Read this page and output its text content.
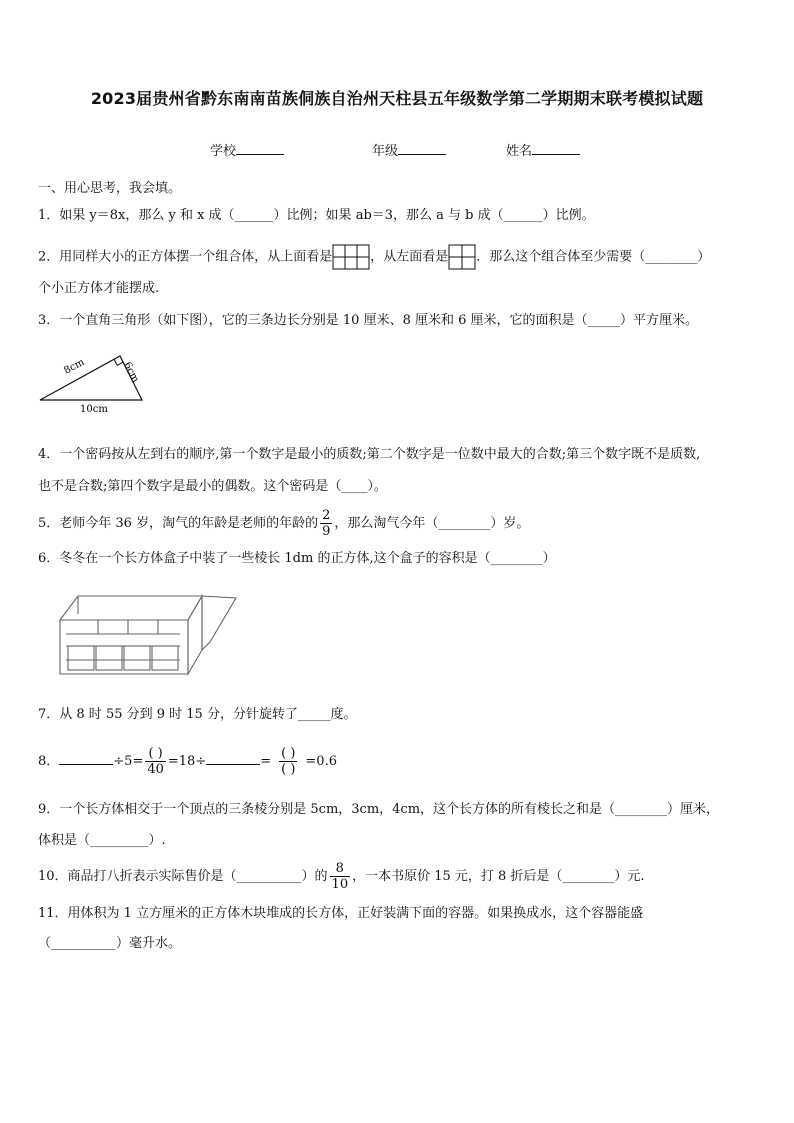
2023届贵州省黔东南南苗族侗族自治州天柱县五年级数学第二学期期末联考模拟试题
学校	年级	姓名
一、用心思考，我会填。
1．如果 y＝8x，那么 y 和 x 成（______）比例；如果 ab＝3，那么 a 与 b 成（______）比例。
2．用同样大小的正方体摆一个组合体，从上面看是	，从左面看是 ．那么这个组合体至少需要（________）
个小正方体才能摆成.
3．一个直角三角形（如下图），它的三条边长分别是 10 厘米、8 厘米和 6 厘米，它的面积是（_____）平方厘米。
8cm	6cm
10cm
4．一个密码按从左到右的顺序,第一个数字是最小的质数;第二个数字是一位数中最大的合数;第三个数字既不是质数,
也不是合数;第四个数字是最小的偶数。这个密码是（____）。
5．老师今年 36 岁，淘气的年龄是老师的年龄的 $\frac{2}{9}$ ，那么淘气今年（________）岁。
6．冬冬在一个长方体盒子中装了一些棱长 1dm 的正方体,这个盒子的容积是（________）
7．从 8 时 55 分到 9 时 15 分，分针旋转了_____度。
8．	$\div 5= \frac{( )}{40} =18\div$	= $\frac{( )}{( )} =0.6$
9．一个长方体相交于一个顶点的三条棱分别是 5cm，3cm，4cm，这个长方体的所有棱长之和是（________）厘米，
体积是（_________）.
10．商品打八折表示实际售价是（__________）的 $\frac{8}{10}$ ，一本书原价 15 元，打 8 折后是（________）元.
11．用体积为 1 立方厘米的正方体木块堆成的长方体，正好装满下面的容器。如果换成水，这个容器能盛
（__________）毫升水。
